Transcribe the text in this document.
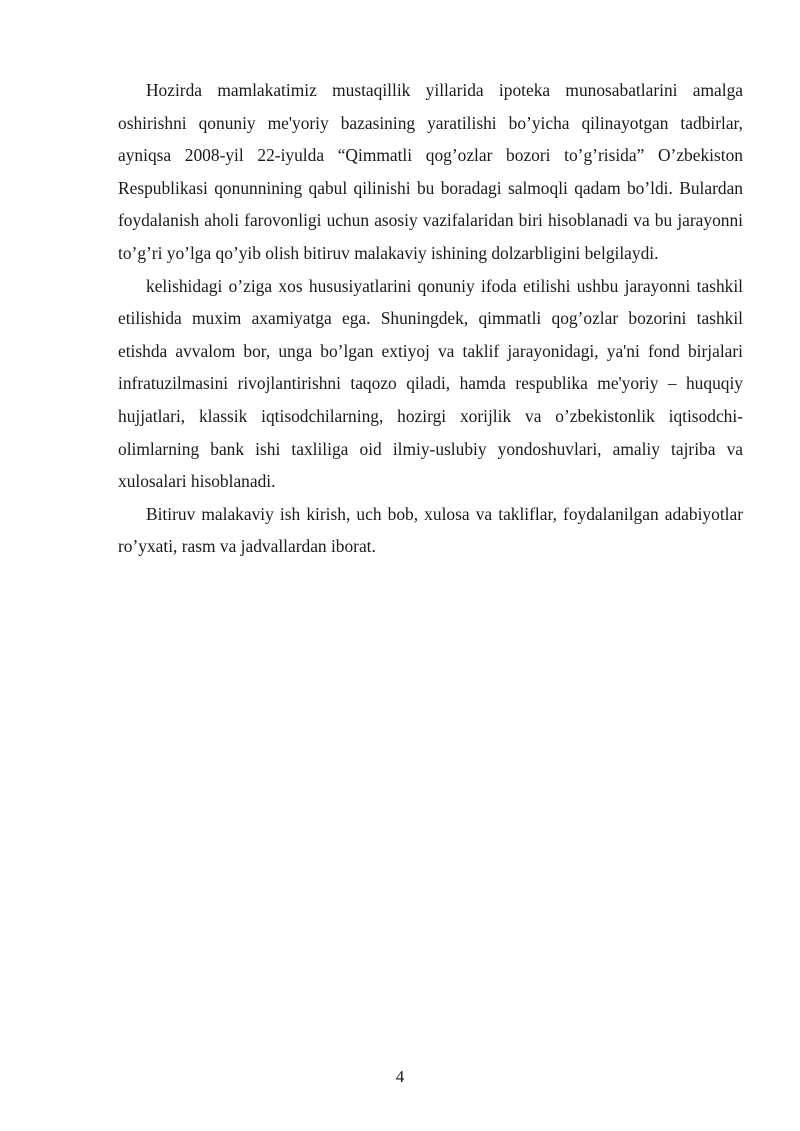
Hozirda mamlakatimiz mustaqillik yillarida ipoteka munosabatlarini amalga oshirishni qonuniy me'yoriy bazasining yaratilishi bo’yicha qilinayotgan tadbirlar, ayniqsa 2008-yil 22-iyulda “Qimmatli qog’ozlar bozori to’g’risida” O’zbekiston Respublikasi qonunnining qabul qilinishi bu boradagi salmoqli qadam bo’ldi. Bulardan foydalanish aholi farovonligi uchun asosiy vazifalaridan biri hisoblanadi va bu jarayonni to’g’ri yo’lga qo’yib olish bitiruv malakaviy ishining dolzarbligini belgilaydi.

kelishidagi o’ziga xos hususiyatlarini qonuniy ifoda etilishi ushbu jarayonni tashkil etilishida muxim axamiyatga ega. Shuningdek, qimmatli qog’ozlar bozorini tashkil etishda avvalom bor, unga bo’lgan extiyoj va taklif jarayonidagi, ya'ni fond birjalari infratuzilmasini rivojlantirishni taqozo qiladi, hamda respublika me'yoriy – huquqiy hujjatlari, klassik iqtisodchilarning, hozirgi xorijlik va o’zbekistonlik iqtisodchi-olimlarning bank ishi taxliliga oid ilmiy-uslubiy yondoshuvlari, amaliy tajriba va xulosalari hisoblanadi.

Bitiruv malakaviy ish kirish, uch bob, xulosa va takliflar, foydalanilgan adabiyotlar ro’yxati, rasm va jadvallardan iborat.

4
